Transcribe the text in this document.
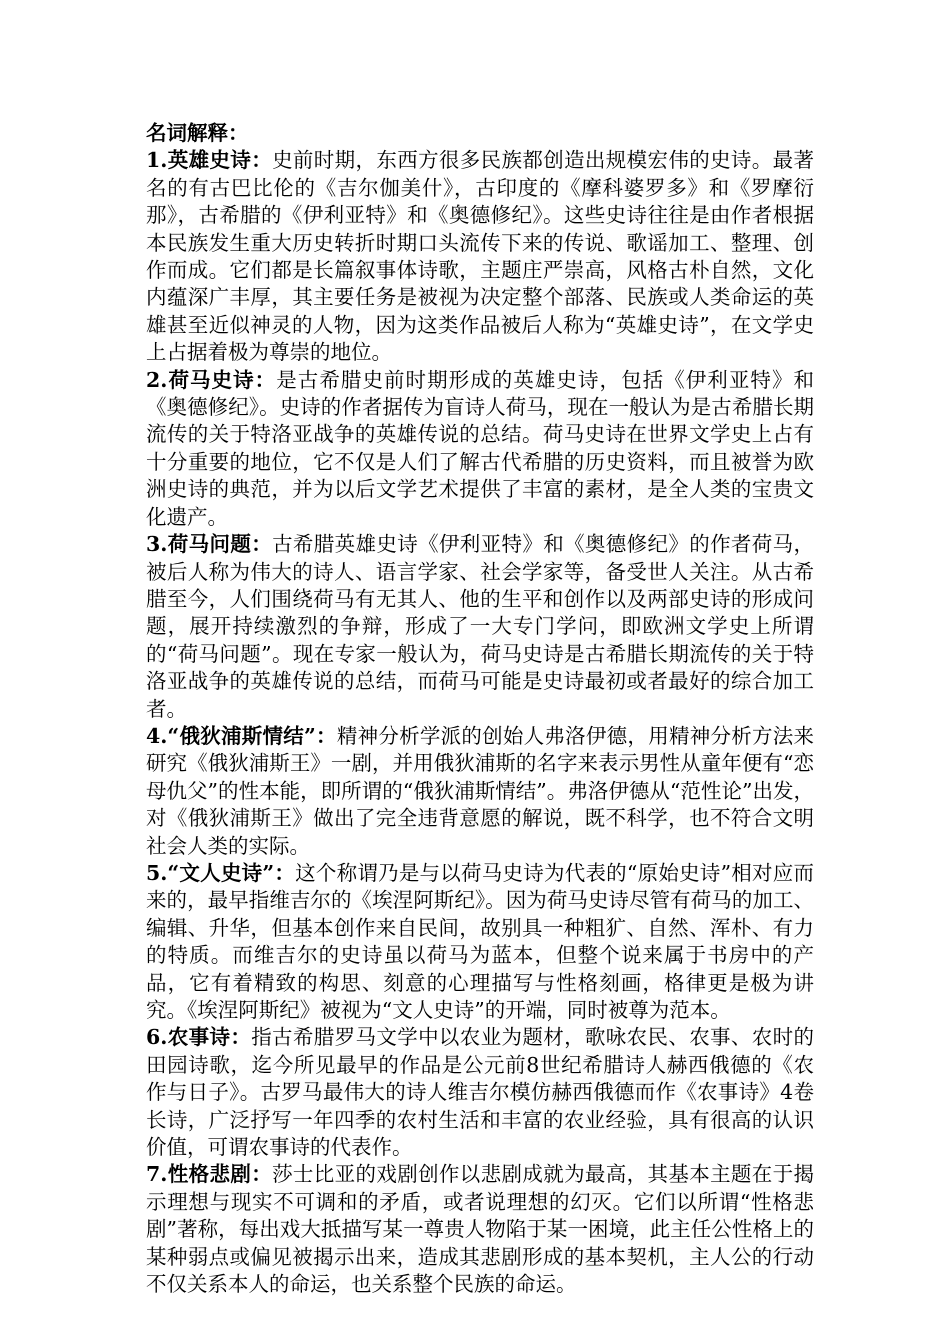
名词解释：

1.英雄史诗：史前时期，东西方很多民族都创造出规模宏伟的史诗。最著名的有古巴比伦的《吉尔伽美什》，古印度的《摩科婆罗多》和《罗摩衍那》，古希腊的《伊利亚特》和《奥德修纪》。这些史诗往往是由作者根据本民族发生重大历史转折时期口头流传下来的传说、歌谣加工、整理、创作而成。它们都是长篇叙事体诗歌，主题庄严崇高，风格古朴自然，文化内蕴深广丰厚，其主要任务是被视为决定整个部落、民族或人类命运的英雄甚至近似神灵的人物，因为这类作品被后人称为“英雄史诗”，在文学史上占据着极为尊崇的地位。

2.荷马史诗：是古希腊史前时期形成的英雄史诗，包括《伊利亚特》和《奥德修纪》。史诗的作者据传为盲诗人荷马，现在一般认为是古希腊长期流传的关于特洛亚战争的英雄传说的总结。荷马史诗在世界文学史上占有十分重要的地位，它不仅是人们了解古代希腊的历史资料，而且被誉为欧洲史诗的典范，并为以后文学艺术提供了丰富的素材，是全人类的宝贵文化遗产。

3.荷马问题：古希腊英雄史诗《伊利亚特》和《奥德修纪》的作者荷马，被后人称为伟大的诗人、语言学家、社会学家等，备受世人关注。从古希腊至今，人们围绕荷马有无其人、他的生平和创作以及两部史诗的形成问题，展开持续激烈的争辩，形成了一大专门学问，即欧洲文学史上所谓的“荷马问题”。现在专家一般认为，荷马史诗是古希腊长期流传的关于特洛亚战争的英雄传说的总结，而荷马可能是史诗最初或者最好的综合加工者。

4.“俄狄浦斯情结”：精神分析学派的创始人弗洛伊德，用精神分析方法来研究《俄狄浦斯王》一剧，并用俄狄浦斯的名字来表示男性从童年便有“恋母仇父”的性本能，即所谓的“俄狄浦斯情结”。弗洛伊德从“范性论”出发，对《俄狄浦斯王》做出了完全违背意愿的解说，既不科学，也不符合文明社会人类的实际。

5.“文人史诗”：这个称谓乃是与以荷马史诗为代表的“原始史诗”相对应而来的，最早指维吉尔的《埃涅阿斯纪》。因为荷马史诗尽管有荷马的加工、编辑、升华，但基本创作来自民间，故别具一种粗犷、自然、浑朴、有力的特质。而维吉尔的史诗虽以荷马为蓝本，但整个说来属于书房中的产品，它有着精致的构思、刻意的心理描写与性格刻画，格律更是极为讲究。《埃涅阿斯纪》被视为“文人史诗”的开端，同时被尊为范本。

6.农事诗：指古希腊罗马文学中以农业为题材，歌咏农民、农事、农时的田园诗歌，迄今所见最早的作品是公元前8世纪希腊诗人赫西俄德的《农作与日子》。古罗马最伟大的诗人维吉尔模仿赫西俄德而作《农事诗》4卷长诗，广泛抒写一年四季的农村生活和丰富的农业经验，具有很高的认识价值，可谓农事诗的代表作。

7.性格悲剧：莎士比亚的戏剧创作以悲剧成就为最高，其基本主题在于揭示理想与现实不可调和的矛盾，或者说理想的幻灭。它们以所谓“性格悲剧”著称，每出戏大抵描写某一尊贵人物陷于某一困境，此主任公性格上的某种弱点或偏见被揭示出来，造成其悲剧形成的基本契机，主人公的行动不仅关系本人的命运，也关系整个民族的命运。
